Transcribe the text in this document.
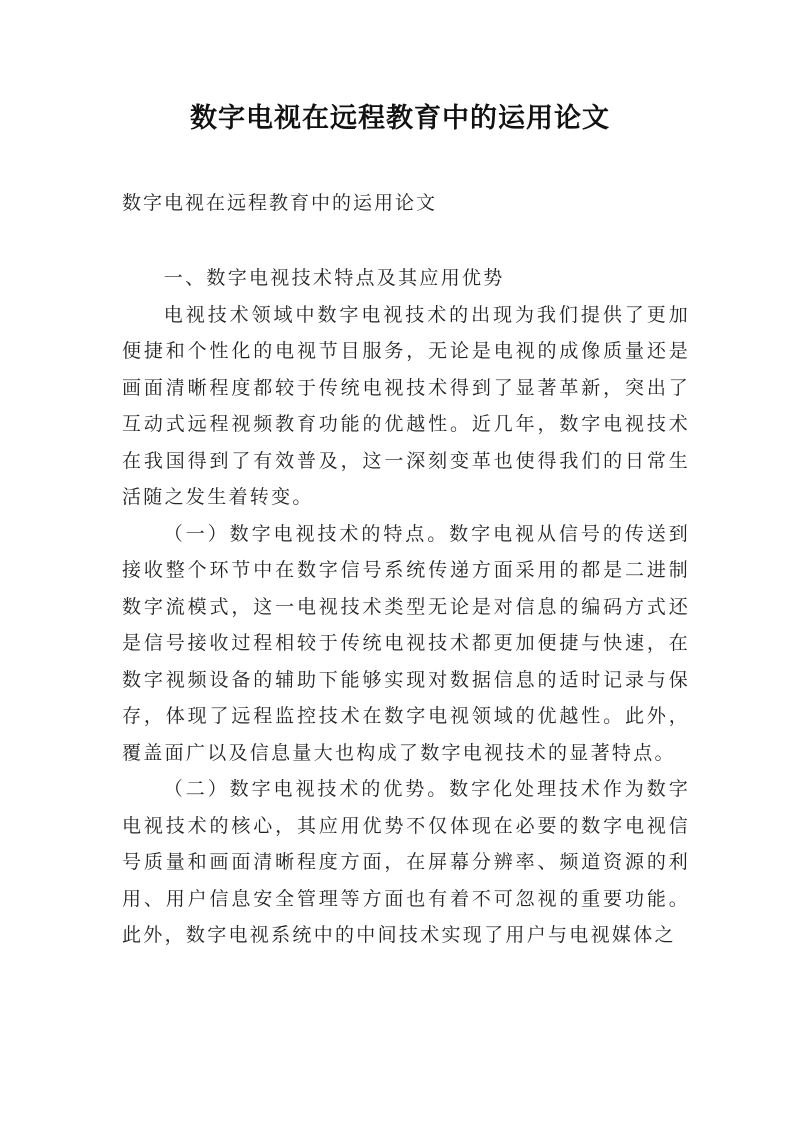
数字电视在远程教育中的运用论文

数字电视在远程教育中的运用论文

一、数字电视技术特点及其应用优势

电视技术领域中数字电视技术的出现为我们提供了更加便捷和个性化的电视节目服务，无论是电视的成像质量还是画面清晰程度都较于传统电视技术得到了显著革新，突出了互动式远程视频教育功能的优越性。近几年，数字电视技术在我国得到了有效普及，这一深刻变革也使得我们的日常生活随之发生着转变。

（一）数字电视技术的特点。数字电视从信号的传送到接收整个环节中在数字信号系统传递方面采用的都是二进制数字流模式，这一电视技术类型无论是对信息的编码方式还是信号接收过程相较于传统电视技术都更加便捷与快速，在数字视频设备的辅助下能够实现对数据信息的适时记录与保存，体现了远程监控技术在数字电视领域的优越性。此外，覆盖面广以及信息量大也构成了数字电视技术的显著特点。

（二）数字电视技术的优势。数字化处理技术作为数字电视技术的核心，其应用优势不仅体现在必要的数字电视信号质量和画面清晰程度方面，在屏幕分辨率、频道资源的利用、用户信息安全管理等方面也有着不可忽视的重要功能。此外，数字电视系统中的中间技术实现了用户与电视媒体之
